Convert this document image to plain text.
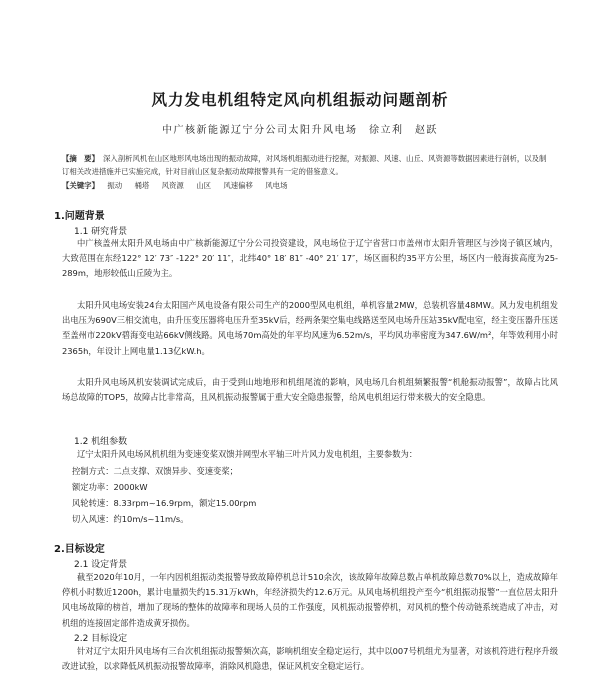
风力发电机组特定风向机组振动问题剖析
中广核新能源辽宁分公司太阳升风电场　徐立利　赵跃
【摘　要】 深入剖析风机在山区地形风电场出现的振动故障，对风场机组振动进行挖掘，对振源、风速、山丘、风资源等数据因素进行剖析，以及制订相关改进措施并已实施完成，针对目前山区复杂振动故障报警具有一定的借鉴意义。
【关键字】 振动 桶塔 风资源 山区 风速偏移 风电场
1.问题背景
1.1 研究背景
中广核盖州太阳升风电场由中广核新能源辽宁分公司投资建设，风电场位于辽宁省营口市盖州市太阳升管理区与沙岗子镇区域内，大致范围在东经122° 12′ 73″ -122° 20′ 11″，北纬40° 18′ 81″ -40° 21′ 17″，场区面积约35平方公里，场区内一般海拔高度为25-289m，地形较低山丘陵为主。
太阳升风电场安装24台太阳国产风电设备有限公司生产的2000型风电机组，单机容量2MW，总装机容量48MW。风力发电机组发出电压为690V三相交流电，由升压变压器将电压升至35kV后，经两条架空集电线路送至风电场升压站35kV配电室，经主变压器升压送至盖州市220kV碧海变电站66kV侧线路。风电场70m高处的年平均风速为6.52m/s，平均风功率密度为347.6W/m²，年等效利用小时2365h，年设计上网电量1.13亿kW.h。
太阳升风电场风机安装调试完成后，由于受到山地地形和机组尾流的影响，风电场几台机组频繁报警“机舱振动报警”，故障占比风场总故障的TOP5，故障占比非常高，且风机振动报警属于重大安全隐患报警，给风电机组运行带来极大的安全隐患。
1.2 机组参数
辽宁太阳升风电场风机机组为变速变桨双馈并网型水平轴三叶片风力发电机组，主要参数为：
控制方式：二点支撑、双馈异步、变速变桨；
额定功率：2000kW
风轮转速：8.33rpm~16.9rpm，额定15.00rpm
切入风速：约10m/s~11m/s。
2.目标设定
2.1 设定背景
截至2020年10月，一年内因机组振动类报警导致故障停机总计510余次，该故障年故障总数占单机故障总数70%以上，造成故障年停机小时数近1200h，累计电量损失约15.31万kWh，年经济损失约12.6万元。从风电场机组投产至今“机组振动报警”一直位居太阳升风电场故障的榜首，增加了现场的整体的故障率和现场人员的工作强度，风机振动报警停机，对风机的整个传动链系统造成了冲击，对机组的连接固定部件造成黄牙损伤。
2.2 目标设定
针对辽宁太阳升风电场有三台次机组振动报警频次高，影响机组安全稳定运行，其中以007号机组尤为显著，对该机符进行程序升级改进试验，以求降低风机振动报警故障率，消除风机隐患，保证风机安全稳定运行。
